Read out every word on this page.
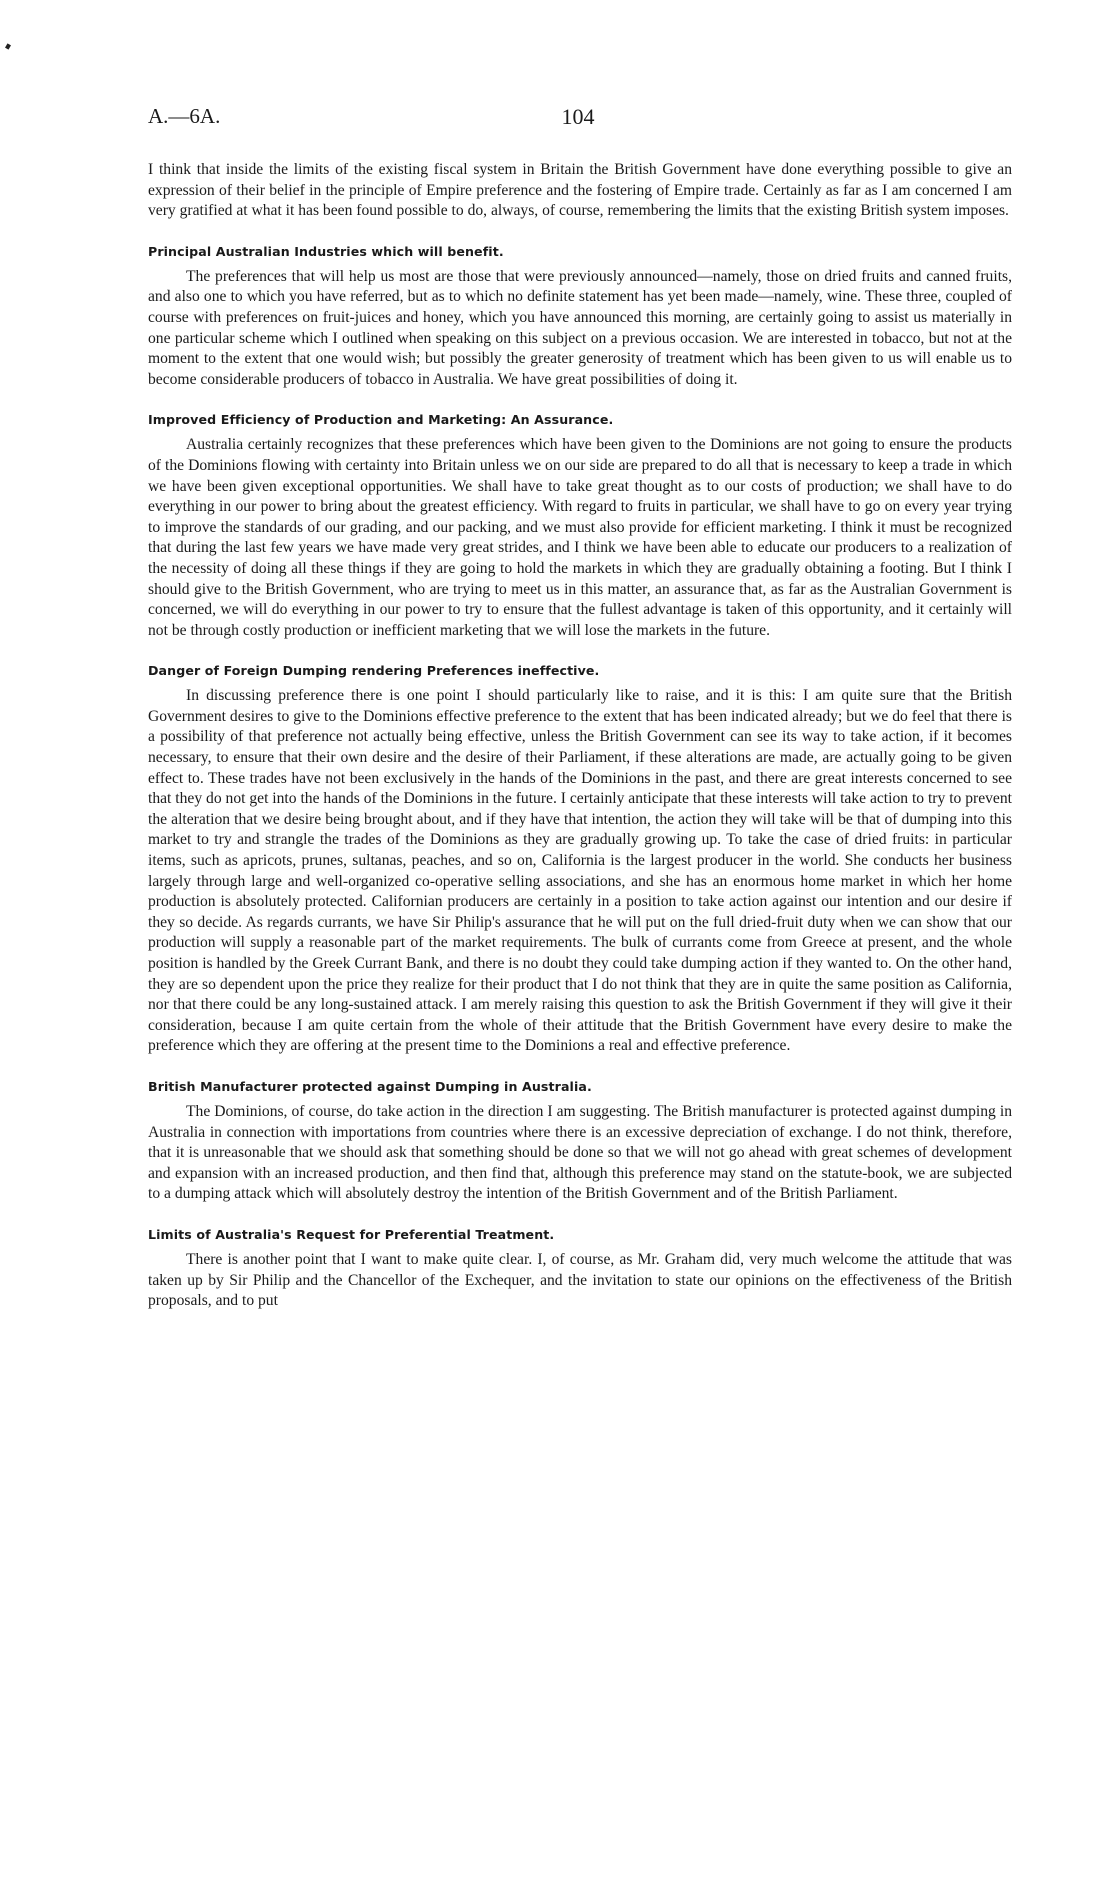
A.—6A.	104

I think that inside the limits of the existing fiscal system in Britain the British Government have done everything possible to give an expression of their belief in the principle of Empire preference and the fostering of Empire trade. Certainly as far as I am concerned I am very gratified at what it has been found possible to do, always, of course, remembering the limits that the existing British system imposes.

Principal Australian Industries which will benefit.

The preferences that will help us most are those that were previously announced—namely, those on dried fruits and canned fruits, and also one to which you have referred, but as to which no definite statement has yet been made—namely, wine. These three, coupled of course with preferences on fruit-juices and honey, which you have announced this morning, are certainly going to assist us materially in one particular scheme which I outlined when speaking on this subject on a previous occasion. We are interested in tobacco, but not at the moment to the extent that one would wish; but possibly the greater generosity of treatment which has been given to us will enable us to become considerable producers of tobacco in Australia. We have great possibilities of doing it.

Improved Efficiency of Production and Marketing: An Assurance.

Australia certainly recognizes that these preferences which have been given to the Dominions are not going to ensure the products of the Dominions flowing with certainty into Britain unless we on our side are prepared to do all that is necessary to keep a trade in which we have been given exceptional opportunities. We shall have to take great thought as to our costs of production; we shall have to do everything in our power to bring about the greatest efficiency. With regard to fruits in particular, we shall have to go on every year trying to improve the standards of our grading, and our packing, and we must also provide for efficient marketing. I think it must be recognized that during the last few years we have made very great strides, and I think we have been able to educate our producers to a realization of the necessity of doing all these things if they are going to hold the markets in which they are gradually obtaining a footing. But I think I should give to the British Government, who are trying to meet us in this matter, an assurance that, as far as the Australian Government is concerned, we will do everything in our power to try to ensure that the fullest advantage is taken of this opportunity, and it certainly will not be through costly production or inefficient marketing that we will lose the markets in the future.

Danger of Foreign Dumping rendering Preferences ineffective.

In discussing preference there is one point I should particularly like to raise, and it is this: I am quite sure that the British Government desires to give to the Dominions effective preference to the extent that has been indicated already; but we do feel that there is a possibility of that preference not actually being effective, unless the British Government can see its way to take action, if it becomes necessary, to ensure that their own desire and the desire of their Parliament, if these alterations are made, are actually going to be given effect to. These trades have not been exclusively in the hands of the Dominions in the past, and there are great interests concerned to see that they do not get into the hands of the Dominions in the future. I certainly anticipate that these interests will take action to try to prevent the alteration that we desire being brought about, and if they have that intention, the action they will take will be that of dumping into this market to try and strangle the trades of the Dominions as they are gradually growing up. To take the case of dried fruits: in particular items, such as apricots, prunes, sultanas, peaches, and so on, California is the largest producer in the world. She conducts her business largely through large and well-organized co-operative selling associations, and she has an enormous home market in which her home production is absolutely protected. Californian producers are certainly in a position to take action against our intention and our desire if they so decide. As regards currants, we have Sir Philip's assurance that he will put on the full dried-fruit duty when we can show that our production will supply a reasonable part of the market requirements. The bulk of currants come from Greece at present, and the whole position is handled by the Greek Currant Bank, and there is no doubt they could take dumping action if they wanted to. On the other hand, they are so dependent upon the price they realize for their product that I do not think that they are in quite the same position as California, nor that there could be any long-sustained attack. I am merely raising this question to ask the British Government if they will give it their consideration, because I am quite certain from the whole of their attitude that the British Government have every desire to make the preference which they are offering at the present time to the Dominions a real and effective preference.

British Manufacturer protected against Dumping in Australia.

The Dominions, of course, do take action in the direction I am suggesting. The British manufacturer is protected against dumping in Australia in connection with importations from countries where there is an excessive depreciation of exchange. I do not think, therefore, that it is unreasonable that we should ask that something should be done so that we will not go ahead with great schemes of development and expansion with an increased production, and then find that, although this preference may stand on the statute-book, we are subjected to a dumping attack which will absolutely destroy the intention of the British Government and of the British Parliament.

Limits of Australia's Request for Preferential Treatment.

There is another point that I want to make quite clear. I, of course, as Mr. Graham did, very much welcome the attitude that was taken up by Sir Philip and the Chancellor of the Exchequer, and the invitation to state our opinions on the effectiveness of the British proposals, and to put
